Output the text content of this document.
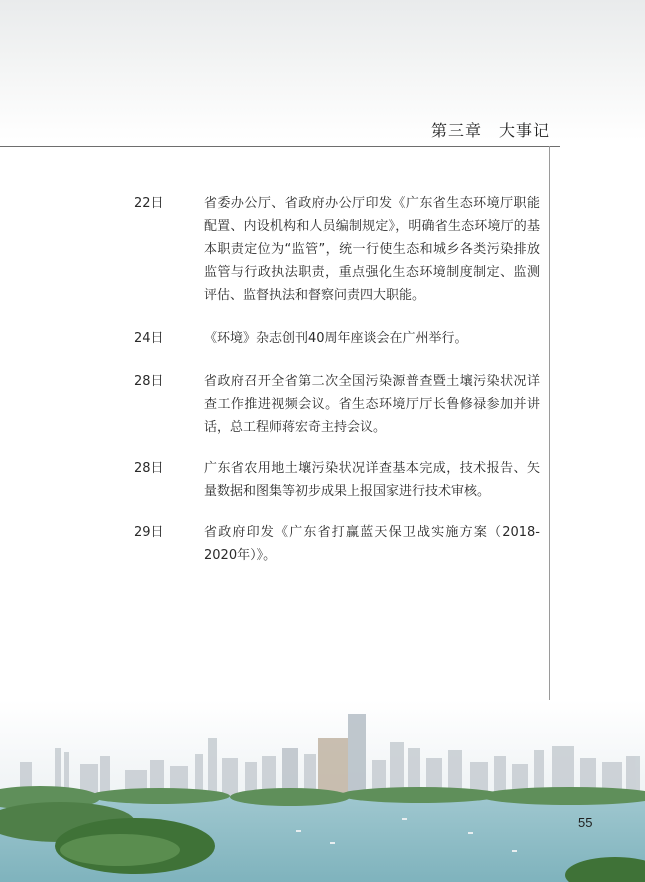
第三章　大事记
22日	省委办公厅、省政府办公厅印发《广东省生态环境厅职能配置、内设机构和人员编制规定》，明确省生态环境厅的基本职责定位为“监管”，统一行使生态和城乡各类污染排放监管与行政执法职责，重点强化生态环境制度制定、监测评估、监督执法和督察问责四大职能。
24日	《环境》杂志创刊40周年座谈会在广州举行。
28日	省政府召开全省第二次全国污染源普查暨土壤污染状况详查工作推进视频会议。省生态环境厅厅长鲁修禄参加并讲话，总工程师蒋宏奇主持会议。
28日	广东省农用地土壤污染状况详查基本完成，技术报告、矢量数据和图集等初步成果上报国家进行技术审核。
29日	省政府印发《广东省打赢蓝天保卫战实施方案（2018-2020年）》。
55
